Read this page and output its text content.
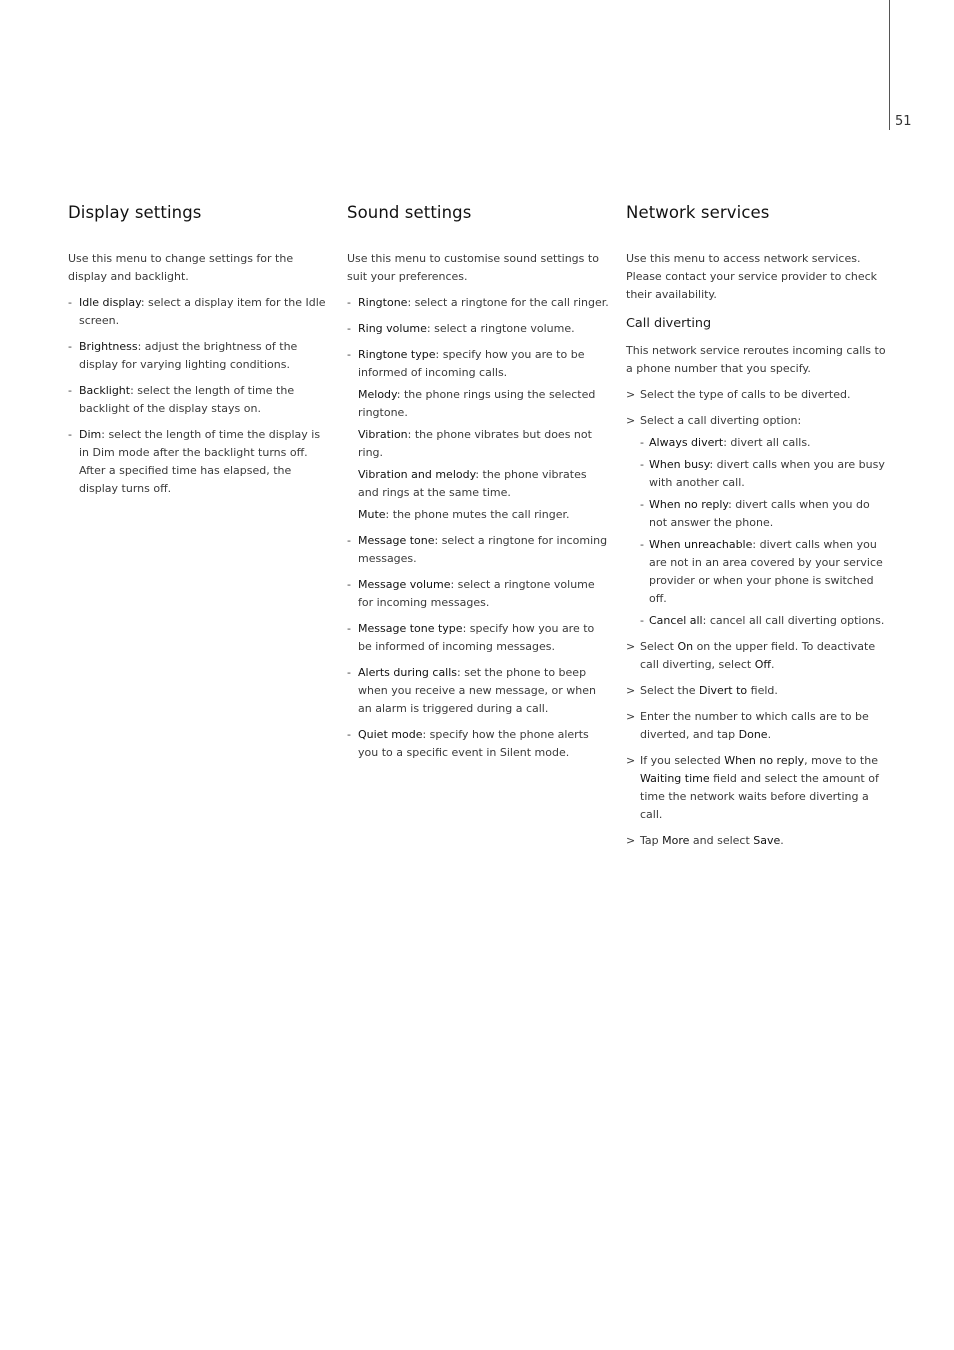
51
Display settings

Use this menu to change settings for the display and backlight.

- Idle display: select a display item for the Idle screen.
- Brightness: adjust the brightness of the display for varying lighting conditions.
- Backlight: select the length of time the backlight of the display stays on.
- Dim: select the length of time the display is in Dim mode after the backlight turns off. After a specified time has elapsed, the display turns off.
Sound settings

Use this menu to customise sound settings to suit your preferences.

- Ringtone: select a ringtone for the call ringer.
- Ring volume: select a ringtone volume.
- Ringtone type: specify how you are to be informed of incoming calls.

Melody: the phone rings using the selected ringtone.

Vibration: the phone vibrates but does not ring.

Vibration and melody: the phone vibrates and rings at the same time.

Mute: the phone mutes the call ringer.

- Message tone: select a ringtone for incoming messages.
- Message volume: select a ringtone volume for incoming messages.
- Message tone type: specify how you are to be informed of incoming messages.
- Alerts during calls: set the phone to beep when you receive a new message, or when an alarm is triggered during a call.
- Quiet mode: specify how the phone alerts you to a specific event in Silent mode.
Network services

Use this menu to access network services. Please contact your service provider to check their availability.

Call diverting

This network service reroutes incoming calls to a phone number that you specify.

> Select the type of calls to be diverted.
> Select a call diverting option:
- Always divert: divert all calls.
- When busy: divert calls when you are busy with another call.
- When no reply: divert calls when you do not answer the phone.
- When unreachable: divert calls when you are not in an area covered by your service provider or when your phone is switched off.
- Cancel all: cancel all call diverting options.
> Select On on the upper field. To deactivate call diverting, select Off.
> Select the Divert to field.
> Enter the number to which calls are to be diverted, and tap Done.
> If you selected When no reply, move to the Waiting time field and select the amount of time the network waits before diverting a call.
> Tap More and select Save.
